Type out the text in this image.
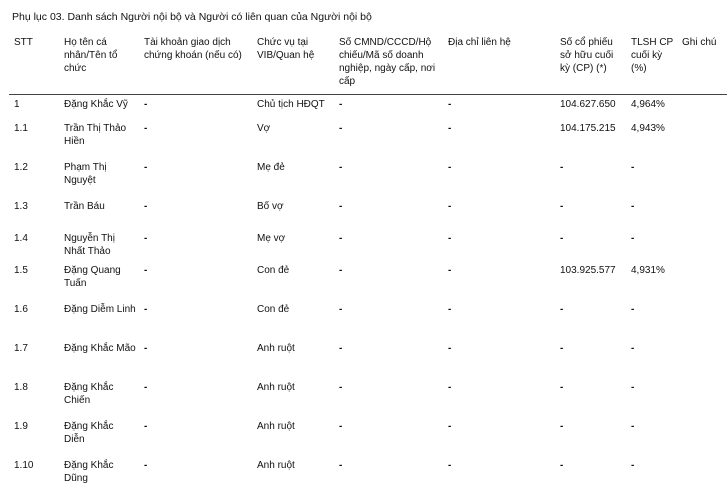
Phụ lục 03. Danh sách Người nội bộ và Người có liên quan của Người nội bộ
STT	Họ tên cá nhân/Tên tổ chức	Tài khoản giao dịch chứng khoán (nếu có)	Chức vụ tại VIB/Quan hệ	Số CMND/CCCD/Hộ chiếu/Mã số doanh nghiệp, ngày cấp, nơi cấp	Địa chỉ liên hệ	Số cổ phiếu sở hữu cuối kỳ (CP) (*)	TLSH CP cuối kỳ (%)	Ghi chú
1	Đặng Khắc Vỹ	-	Chủ tịch HĐQT	-	-	104.627.650	4,964%	
1.1	Trần Thị Thảo Hiền	-	Vợ	-	-	104.175.215	4,943%	
1.2	Phạm Thị Nguyệt	-	Mẹ đẻ	-	-	-	-	
1.3	Trần Báu	-	Bố vợ	-	-	-	-	
1.4	Nguyễn Thị Nhất Thảo	-	Mẹ vợ	-	-	-	-	
1.5	Đặng Quang Tuấn	-	Con đẻ	-	-	103.925.577	4,931%	
1.6	Đặng Diễm Linh	-	Con đẻ	-	-	-	-	
1.7	Đặng Khắc Mão	-	Anh ruột	-	-	-	-	
1.8	Đặng Khắc Chiến	-	Anh ruột	-	-	-	-	
1.9	Đặng Khắc Diễn	-	Anh ruột	-	-	-	-	
1.10	Đặng Khắc Dũng	-	Anh ruột	-	-	-	-	
